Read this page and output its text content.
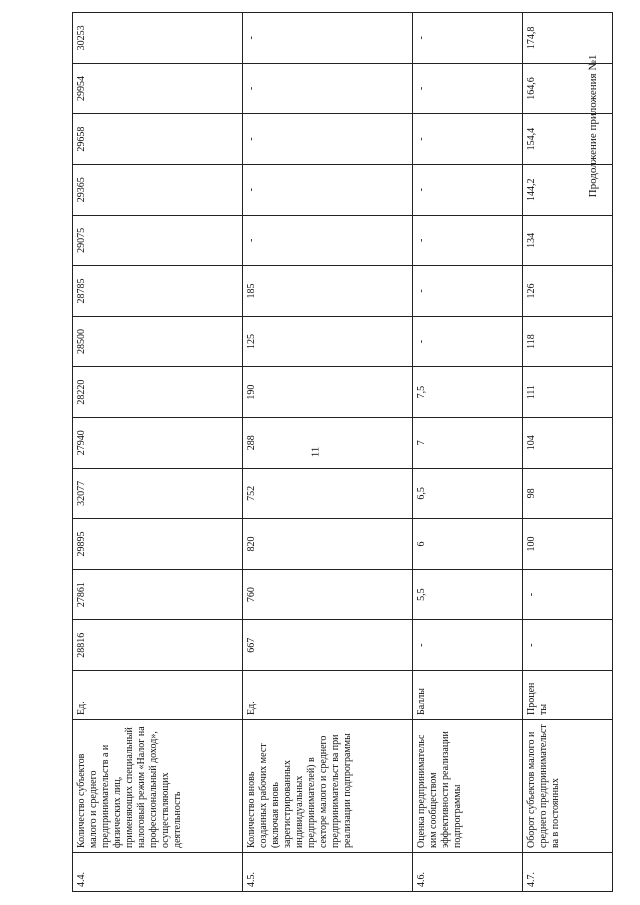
11
Продолжение приложения №1
4.4.	Количество субъектов малого и среднего предпринимательств а и физических лиц, применяющих специальный налоговый режим «Налог на профессиональный доход», осуществляющих деятельность	Ед.	28816	27861	29895	32077	27940	28220	28500	28785	29075	29365	29658	29954	30253
4.5.	Количество вновь созданных рабочих мест (включая вновь зарегистрированных индивидуальных предпринимателей) в секторе малого и среднего предпринимательст ва при реализации подпрограммы	Ед.	667	760	820	752	288	190	125	185	-	-	-	-	-
4.6.	Оценка предпринимательс ким сообществом эффективности реализации подпрограммы	Баллы	-	5,5	6	6,5	7	7,5	-	-	-	-	-	-	-
4.7.	Оборот субъектов малого и среднего предпринимательст ва в постоянных	Процен ты	-	-	100	98	104	111	118	126	134	144,2	154,4	164,6	174,8
